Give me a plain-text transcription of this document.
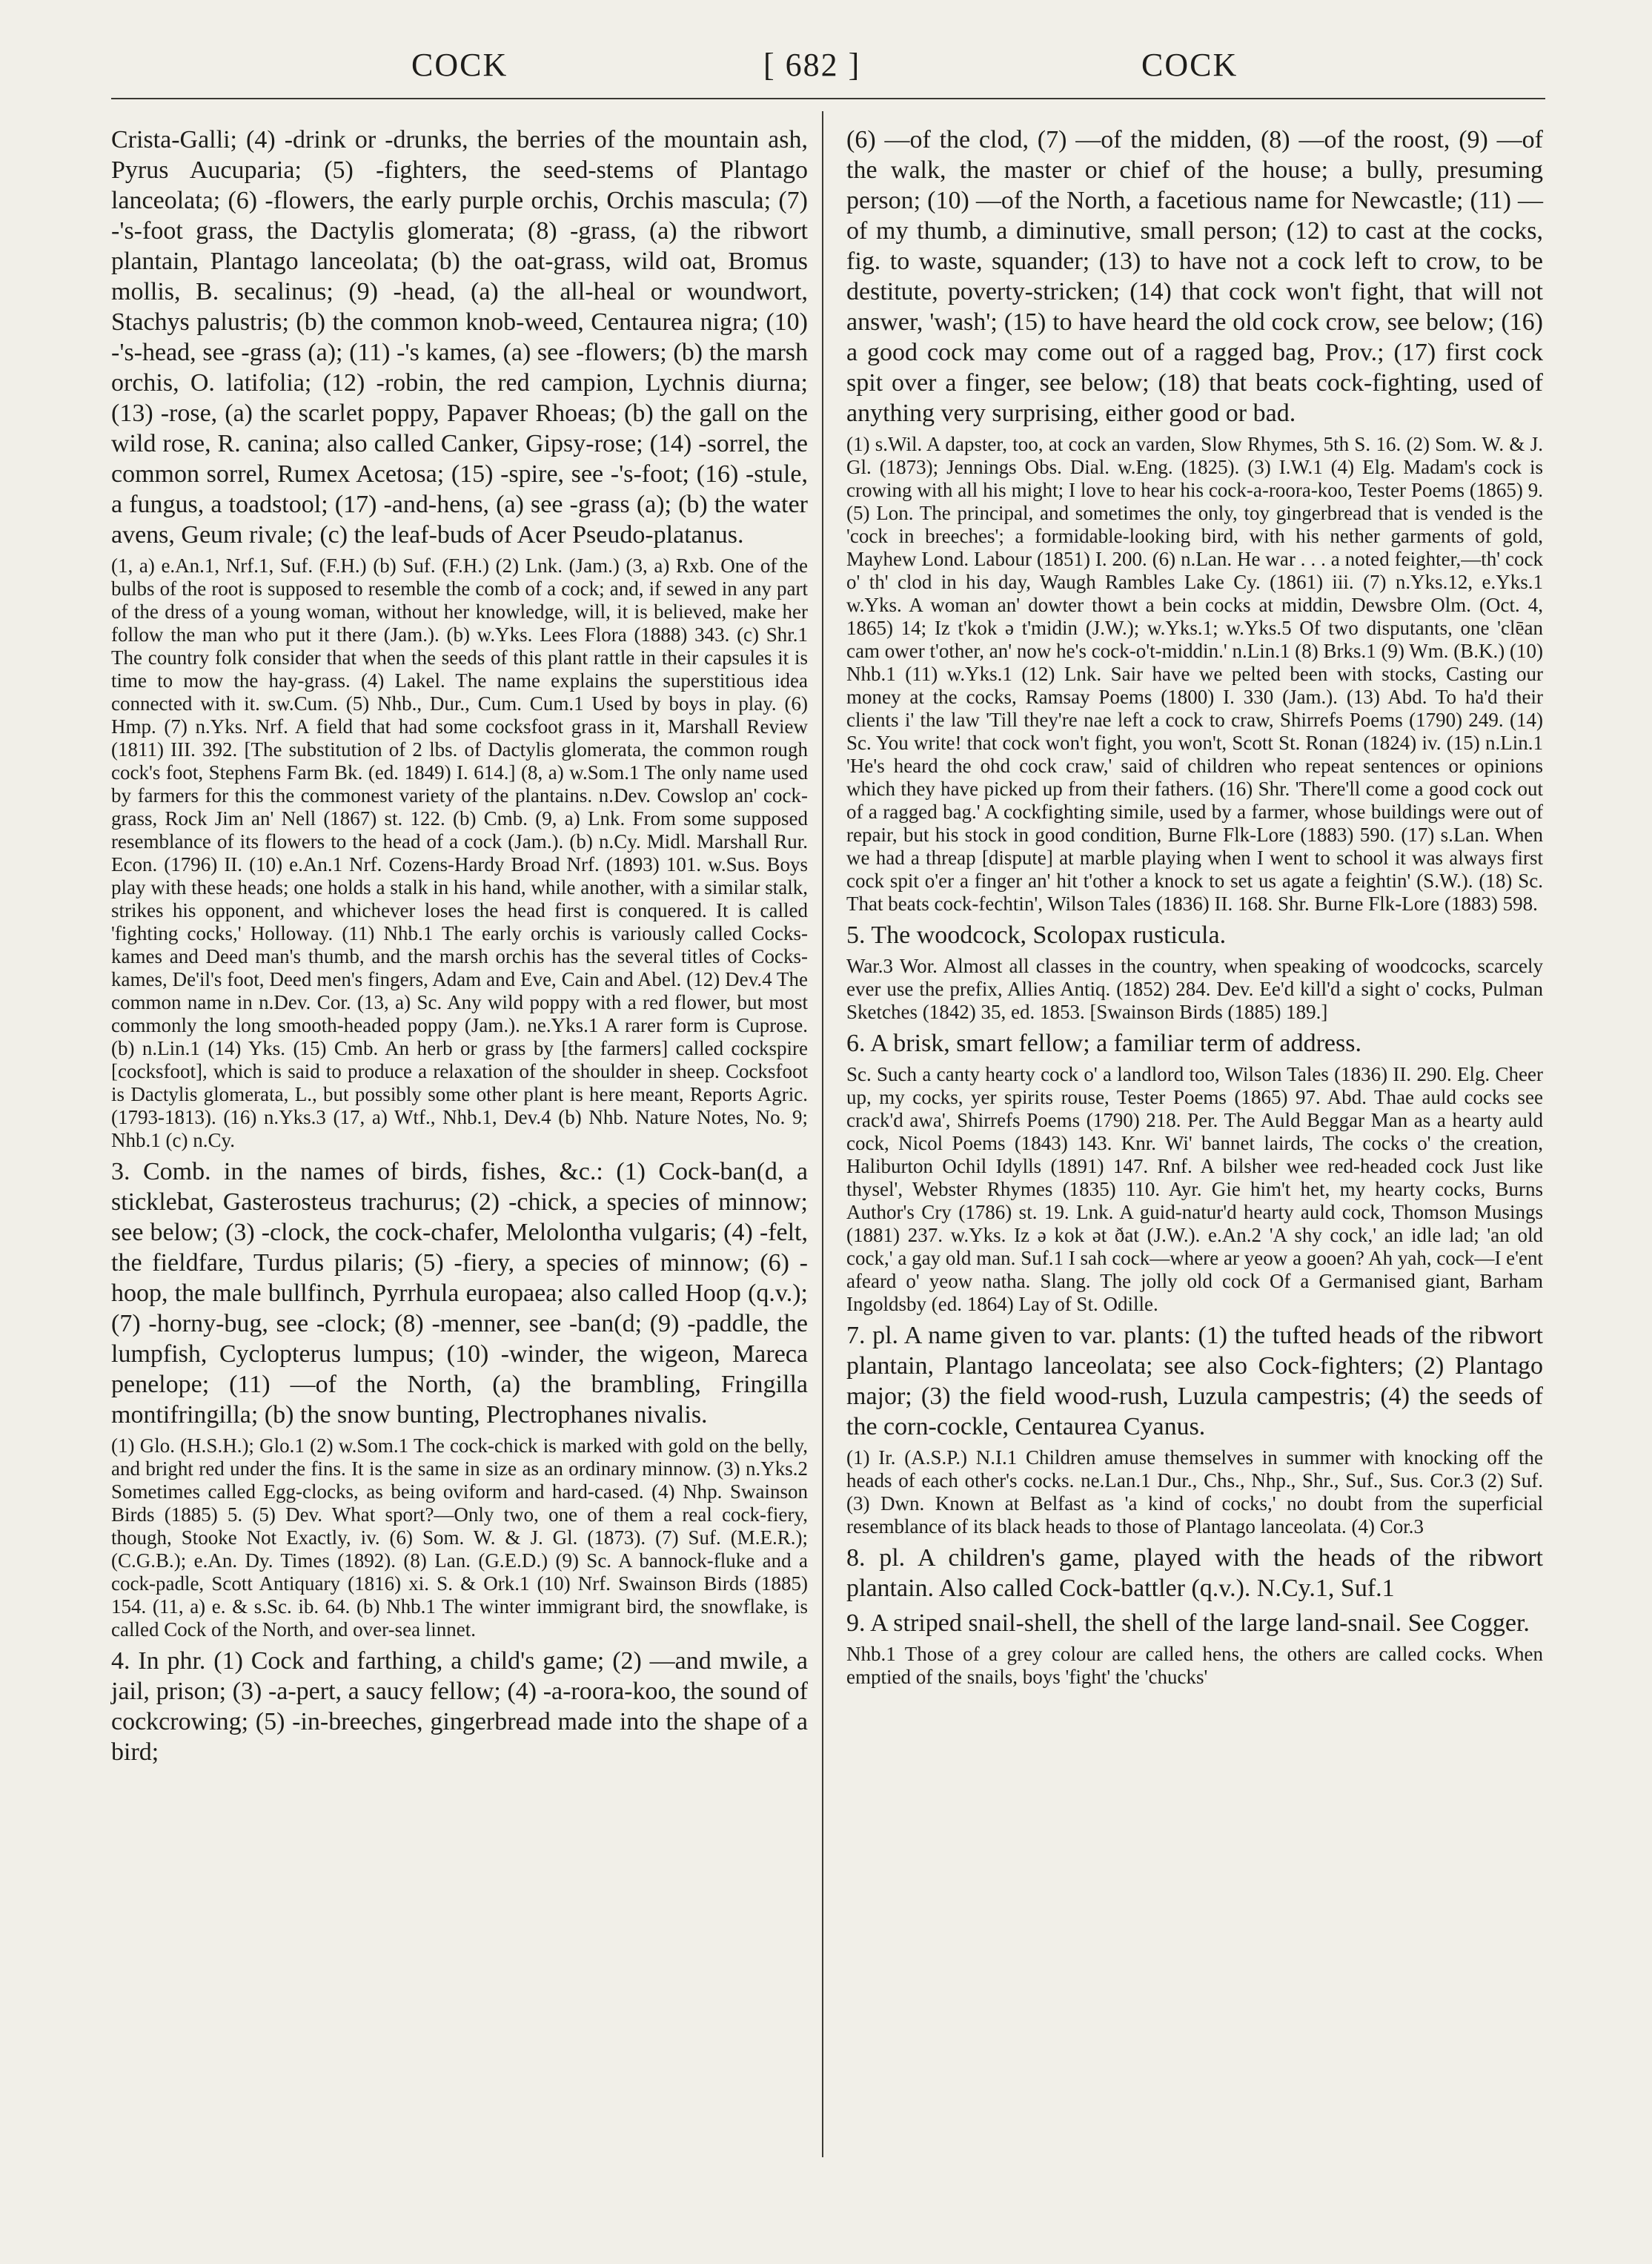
COCK	[ 682 ]	COCK

Crista-Galli; (4) -drink or -drunks, the berries of the mountain ash, Pyrus Aucuparia; (5) -fighters, the seed-stems of Plantago lanceolata; (6) -flowers, the early purple orchis, Orchis mascula; (7) -'s-foot grass, the Dactylis glomerata; (8) -grass, (a) the ribwort plantain, Plantago lanceolata; (b) the oat-grass, wild oat, Bromus mollis, B. secalinus; (9) -head, (a) the all-heal or woundwort, Stachys palustris; (b) the common knob-weed, Centaurea nigra; (10) -'s-head, see -grass (a); (11) -'s kames, (a) see -flowers; (b) the marsh orchis, O. latifolia; (12) -robin, the red campion, Lychnis diurna; (13) -rose, (a) the scarlet poppy, Papaver Rhoeas; (b) the gall on the wild rose, R. canina; also called Canker, Gipsy-rose; (14) -sorrel, the common sorrel, Rumex Acetosa; (15) -spire, see -'s-foot; (16) -stule, a fungus, a toadstool; (17) -and-hens, (a) see -grass (a); (b) the water avens, Geum rivale; (c) the leaf-buds of Acer Pseudo-platanus.

(1, a) e.An.1, Nrf.1, Suf. (F.H.) (b) Suf. (F.H.) (2) Lnk. (Jam.) (3, a) Rxb. One of the bulbs of the root is supposed to resemble the comb of a cock; and, if sewed in any part of the dress of a young woman, without her knowledge, will, it is believed, make her follow the man who put it there (Jam.). (b) w.Yks. Lees Flora (1888) 343. (c) Shr.1 The country folk consider that when the seeds of this plant rattle in their capsules it is time to mow the hay-grass. (4) Lakel. The name explains the superstitious idea connected with it. sw.Cum. (5) Nhb., Dur., Cum. Cum.1 Used by boys in play. (6) Hmp. (7) n.Yks. Nrf. A field that had some cocksfoot grass in it, Marshall Review (1811) III. 392. [The substitution of 2 lbs. of Dactylis glomerata, the common rough cock's foot, Stephens Farm Bk. (ed. 1849) I. 614.] (8, a) w.Som.1 The only name used by farmers for this the commonest variety of the plantains. n.Dev. Cowslop an' cock-grass, Rock Jim an' Nell (1867) st. 122. (b) Cmb. (9, a) Lnk. From some supposed resemblance of its flowers to the head of a cock (Jam.). (b) n.Cy. Midl. Marshall Rur. Econ. (1796) II. (10) e.An.1 Nrf. Cozens-Hardy Broad Nrf. (1893) 101. w.Sus. Boys play with these heads; one holds a stalk in his hand, while another, with a similar stalk, strikes his opponent, and whichever loses the head first is conquered. It is called 'fighting cocks,' Holloway. (11) Nhb.1 The early orchis is variously called Cocks-kames and Deed man's thumb, and the marsh orchis has the several titles of Cocks-kames, De'il's foot, Deed men's fingers, Adam and Eve, Cain and Abel. (12) Dev.4 The common name in n.Dev. Cor. (13, a) Sc. Any wild poppy with a red flower, but most commonly the long smooth-headed poppy (Jam.). ne.Yks.1 A rarer form is Cuprose. (b) n.Lin.1 (14) Yks. (15) Cmb. An herb or grass by [the farmers] called cockspire [cocksfoot], which is said to produce a relaxation of the shoulder in sheep. Cocksfoot is Dactylis glomerata, L., but possibly some other plant is here meant, Reports Agric. (1793-1813). (16) n.Yks.3 (17, a) Wtf., Nhb.1, Dev.4 (b) Nhb. Nature Notes, No. 9; Nhb.1 (c) n.Cy.

3. Comb. in the names of birds, fishes, &c.: (1) Cock-ban(d, a sticklebat, Gasterosteus trachurus; (2) -chick, a species of minnow; see below; (3) -clock, the cock-chafer, Melolontha vulgaris; (4) -felt, the fieldfare, Turdus pilaris; (5) -fiery, a species of minnow; (6) -hoop, the male bullfinch, Pyrrhula europaea; also called Hoop (q.v.); (7) -horny-bug, see -clock; (8) -menner, see -ban(d; (9) -paddle, the lumpfish, Cyclopterus lumpus; (10) -winder, the wigeon, Mareca penelope; (11) —of the North, (a) the brambling, Fringilla montifringilla; (b) the snow bunting, Plectrophanes nivalis.

(1) Glo. (H.S.H.); Glo.1 (2) w.Som.1 The cock-chick is marked with gold on the belly, and bright red under the fins. It is the same in size as an ordinary minnow. (3) n.Yks.2 Sometimes called Egg-clocks, as being oviform and hard-cased. (4) Nhp. Swainson Birds (1885) 5. (5) Dev. What sport?—Only two, one of them a real cock-fiery, though, Stooke Not Exactly, iv. (6) Som. W. & J. Gl. (1873). (7) Suf. (M.E.R.); (C.G.B.); e.An. Dy. Times (1892). (8) Lan. (G.E.D.) (9) Sc. A bannock-fluke and a cock-padle, Scott Antiquary (1816) xi. S. & Ork.1 (10) Nrf. Swainson Birds (1885) 154. (11, a) e. & s.Sc. ib. 64. (b) Nhb.1 The winter immigrant bird, the snowflake, is called Cock of the North, and over-sea linnet.

4. In phr. (1) Cock and farthing, a child's game; (2) —and mwile, a jail, prison; (3) -a-pert, a saucy fellow; (4) -a-roora-koo, the sound of cockcrowing; (5) -in-breeches, gingerbread made into the shape of a bird;

(6) —of the clod, (7) —of the midden, (8) —of the roost, (9) —of the walk, the master or chief of the house; a bully, presuming person; (10) —of the North, a facetious name for Newcastle; (11) —of my thumb, a diminutive, small person; (12) to cast at the cocks, fig. to waste, squander; (13) to have not a cock left to crow, to be destitute, poverty-stricken; (14) that cock won't fight, that will not answer, 'wash'; (15) to have heard the old cock crow, see below; (16) a good cock may come out of a ragged bag, Prov.; (17) first cock spit over a finger, see below; (18) that beats cock-fighting, used of anything very surprising, either good or bad.

(1) s.Wil. A dapster, too, at cock an varden, Slow Rhymes, 5th S. 16. (2) Som. W. & J. Gl. (1873); Jennings Obs. Dial. w.Eng. (1825). (3) I.W.1 (4) Elg. Madam's cock is crowing with all his might; I love to hear his cock-a-roora-koo, Tester Poems (1865) 9. (5) Lon. The principal, and sometimes the only, toy gingerbread that is vended is the 'cock in breeches'; a formidable-looking bird, with his nether garments of gold, Mayhew Lond. Labour (1851) I. 200. (6) n.Lan. He war . . . a noted feighter,—th' cock o' th' clod in his day, Waugh Rambles Lake Cy. (1861) iii. (7) n.Yks.12, e.Yks.1 w.Yks. A woman an' dowter thowt a bein cocks at middin, Dewsbre Olm. (Oct. 4, 1865) 14; Iz t'kok ə t'midin (J.W.); w.Yks.1; w.Yks.5 Of two disputants, one 'clēan cam ower t'other, an' now he's cock-o't-middin.' n.Lin.1 (8) Brks.1 (9) Wm. (B.K.) (10) Nhb.1 (11) w.Yks.1 (12) Lnk. Sair have we pelted been with stocks, Casting our money at the cocks, Ramsay Poems (1800) I. 330 (Jam.). (13) Abd. To ha'd their clients i' the law 'Till they're nae left a cock to craw, Shirrefs Poems (1790) 249. (14) Sc. You write! that cock won't fight, you won't, Scott St. Ronan (1824) iv. (15) n.Lin.1 'He's heard the ohd cock craw,' said of children who repeat sentences or opinions which they have picked up from their fathers. (16) Shr. 'There'll come a good cock out of a ragged bag.' A cockfighting simile, used by a farmer, whose buildings were out of repair, but his stock in good condition, Burne Flk-Lore (1883) 590. (17) s.Lan. When we had a threap [dispute] at marble playing when I went to school it was always first cock spit o'er a finger an' hit t'other a knock to set us agate a feightin' (S.W.). (18) Sc. That beats cock-fechtin', Wilson Tales (1836) II. 168. Shr. Burne Flk-Lore (1883) 598.

5. The woodcock, Scolopax rusticula.

War.3 Wor. Almost all classes in the country, when speaking of woodcocks, scarcely ever use the prefix, Allies Antiq. (1852) 284. Dev. Ee'd kill'd a sight o' cocks, Pulman Sketches (1842) 35, ed. 1853. [Swainson Birds (1885) 189.]

6. A brisk, smart fellow; a familiar term of address.

Sc. Such a canty hearty cock o' a landlord too, Wilson Tales (1836) II. 290. Elg. Cheer up, my cocks, yer spirits rouse, Tester Poems (1865) 97. Abd. Thae auld cocks see crack'd awa', Shirrefs Poems (1790) 218. Per. The Auld Beggar Man as a hearty auld cock, Nicol Poems (1843) 143. Knr. Wi' bannet lairds, The cocks o' the creation, Haliburton Ochil Idylls (1891) 147. Rnf. A bilsher wee red-headed cock Just like thysel', Webster Rhymes (1835) 110. Ayr. Gie him't het, my hearty cocks, Burns Author's Cry (1786) st. 19. Lnk. A guid-natur'd hearty auld cock, Thomson Musings (1881) 237. w.Yks. Iz ə kok ət ðat (J.W.). e.An.2 'A shy cock,' an idle lad; 'an old cock,' a gay old man. Suf.1 I sah cock—where ar yeow a gooen? Ah yah, cock—I e'ent afeard o' yeow natha. Slang. The jolly old cock Of a Germanised giant, Barham Ingoldsby (ed. 1864) Lay of St. Odille.

7. pl. A name given to var. plants: (1) the tufted heads of the ribwort plantain, Plantago lanceolata; see also Cock-fighters; (2) Plantago major; (3) the field wood-rush, Luzula campestris; (4) the seeds of the corn-cockle, Centaurea Cyanus.

(1) Ir. (A.S.P.) N.I.1 Children amuse themselves in summer with knocking off the heads of each other's cocks. ne.Lan.1 Dur., Chs., Nhp., Shr., Suf., Sus. Cor.3 (2) Suf. (3) Dwn. Known at Belfast as 'a kind of cocks,' no doubt from the superficial resemblance of its black heads to those of Plantago lanceolata. (4) Cor.3

8. pl. A children's game, played with the heads of the ribwort plantain. Also called Cock-battler (q.v.). N.Cy.1, Suf.1

9. A striped snail-shell, the shell of the large land-snail. See Cogger.

Nhb.1 Those of a grey colour are called hens, the others are called cocks. When emptied of the snails, boys 'fight' the 'chucks'
